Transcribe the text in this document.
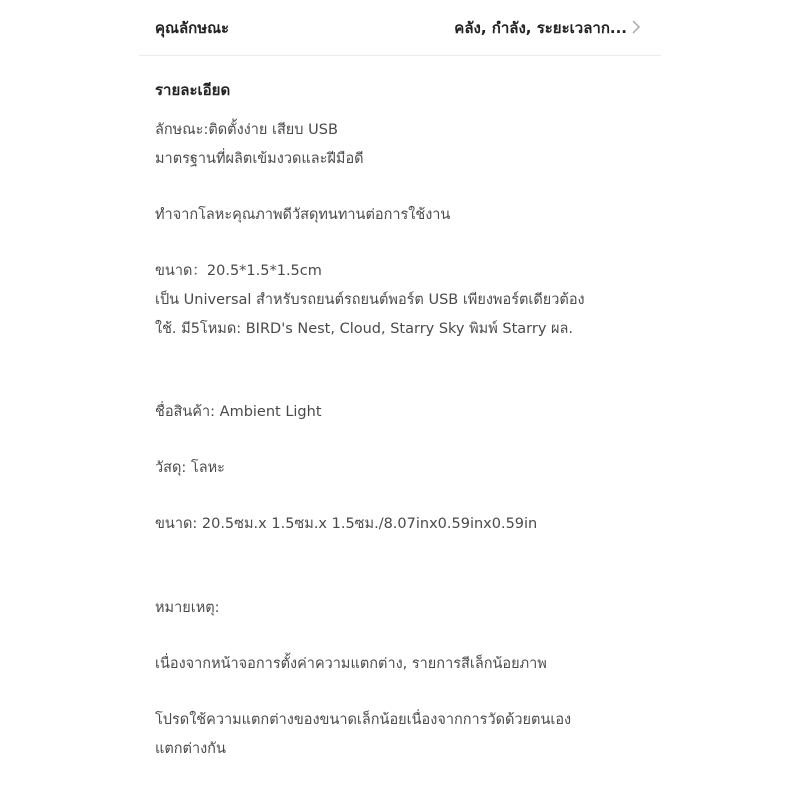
คุณลักษณะ	คลัง, กำลัง, ระยะเวลาก...
รายละเอียด
ลักษณะ:ติดตั้งง่าย เสียบ USB
มาตรฐานที่ผลิตเข้มงวดและฝีมือดี
ทำจากโลหะคุณภาพดีวัสดุทนทานต่อการใช้งาน
ขนาด：20.5*1.5*1.5cm
เป็น Universal สำหรับรถยนต์รถยนต์พอร์ต USB เพียงพอร์ตเดียวต้อง
ใช้. มี5โหมด: BIRD's Nest, Cloud, Starry Sky พิมพ์ Starry ผล.
ชื่อสินค้า: Ambient Light
วัสดุ: โลหะ
ขนาด: 20.5ซม.x 1.5ซม.x 1.5ซม./8.07inx0.59inx0.59in
หมายเหตุ:
เนื่องจากหน้าจอการตั้งค่าความแตกต่าง, รายการสีเล็กน้อยภาพ
โปรดใช้ความแตกต่างของขนาดเล็กน้อยเนื่องจากการวัดด้วยตนเอง
แตกต่างกัน
